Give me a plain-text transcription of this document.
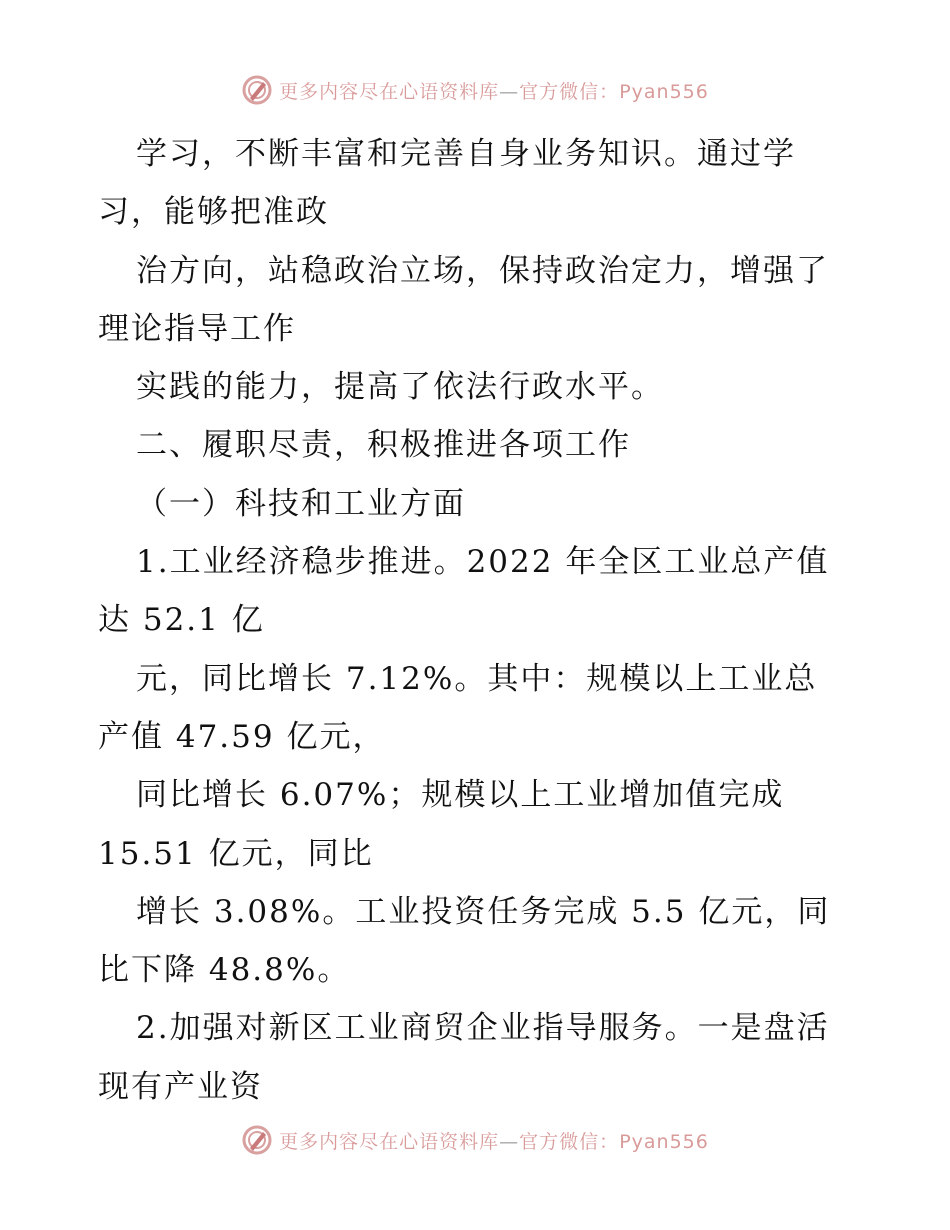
更多内容尽在心语资料库—官方微信：Pyan556
学习，不断丰富和完善自身业务知识。通过学
习，能够把准政
治方向，站稳政治立场，保持政治定力，增强了
理论指导工作
实践的能力，提高了依法行政水平。
二、履职尽责，积极推进各项工作
（一）科技和工业方面
1.工业经济稳步推进。2022 年全区工业总产值
达 52.1 亿
元，同比增长 7.12%。其中：规模以上工业总
产值 47.59 亿元，
同比增长 6.07%；规模以上工业增加值完成
15.51 亿元，同比
增长 3.08%。工业投资任务完成 5.5 亿元，同
比下降 48.8%。
2.加强对新区工业商贸企业指导服务。一是盘活
现有产业资
更多内容尽在心语资料库—官方微信：Pyan556
